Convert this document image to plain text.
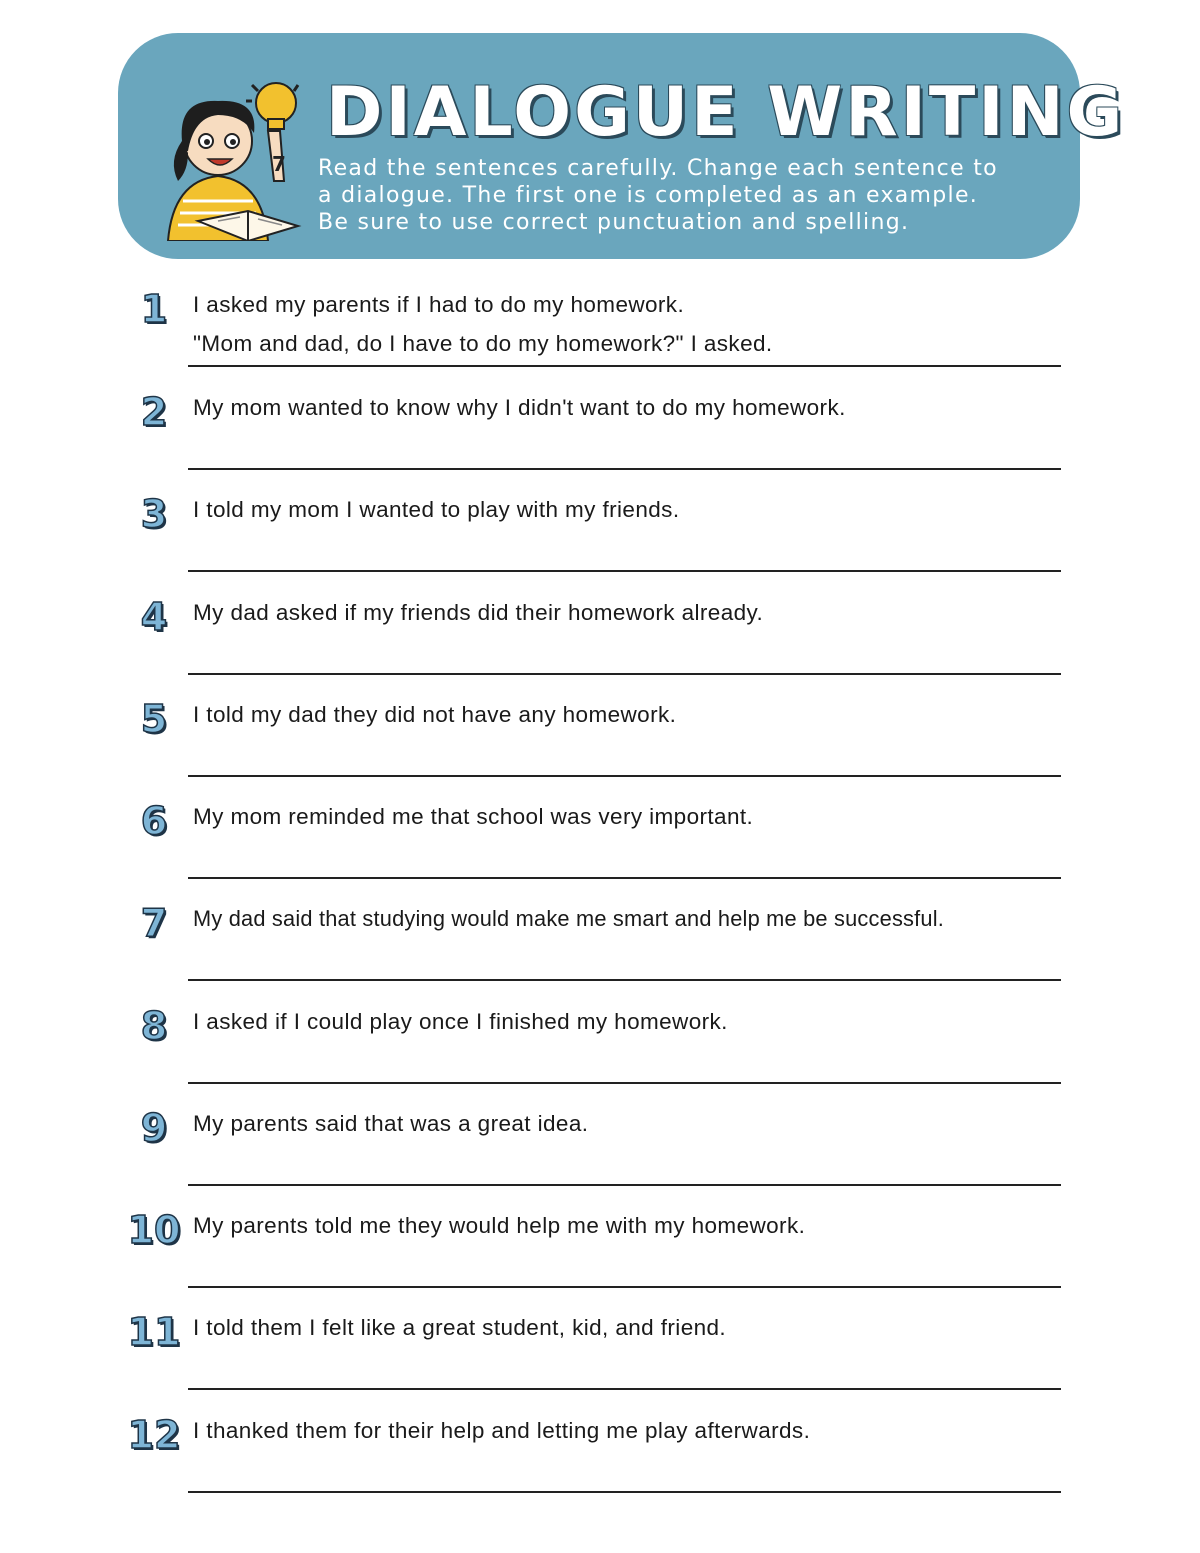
7
DIALOGUE WRITING
Read the sentences carefully. Change each sentence to
a dialogue. The first one is completed as an example.
Be sure to use correct punctuation and spelling.
1	I asked my parents if I had to do my homework.
"Mom and dad, do I have to do my homework?" I asked.
2	My mom wanted to know why I didn't want to do my homework.
3	I told my mom I wanted to play with my friends.
4	My dad asked if my friends did their homework already.
5	I told my dad they did not have any homework.
6	My mom reminded me that school was very important.
7	My dad said that studying would make me smart and help me be successful.
8	I asked if I could play once I finished my homework.
9	My parents said that was a great idea.
10 My parents told me they would help me with my homework.
11 I told them I felt like a great student, kid, and friend.
12 I thanked them for their help and letting me play afterwards.
